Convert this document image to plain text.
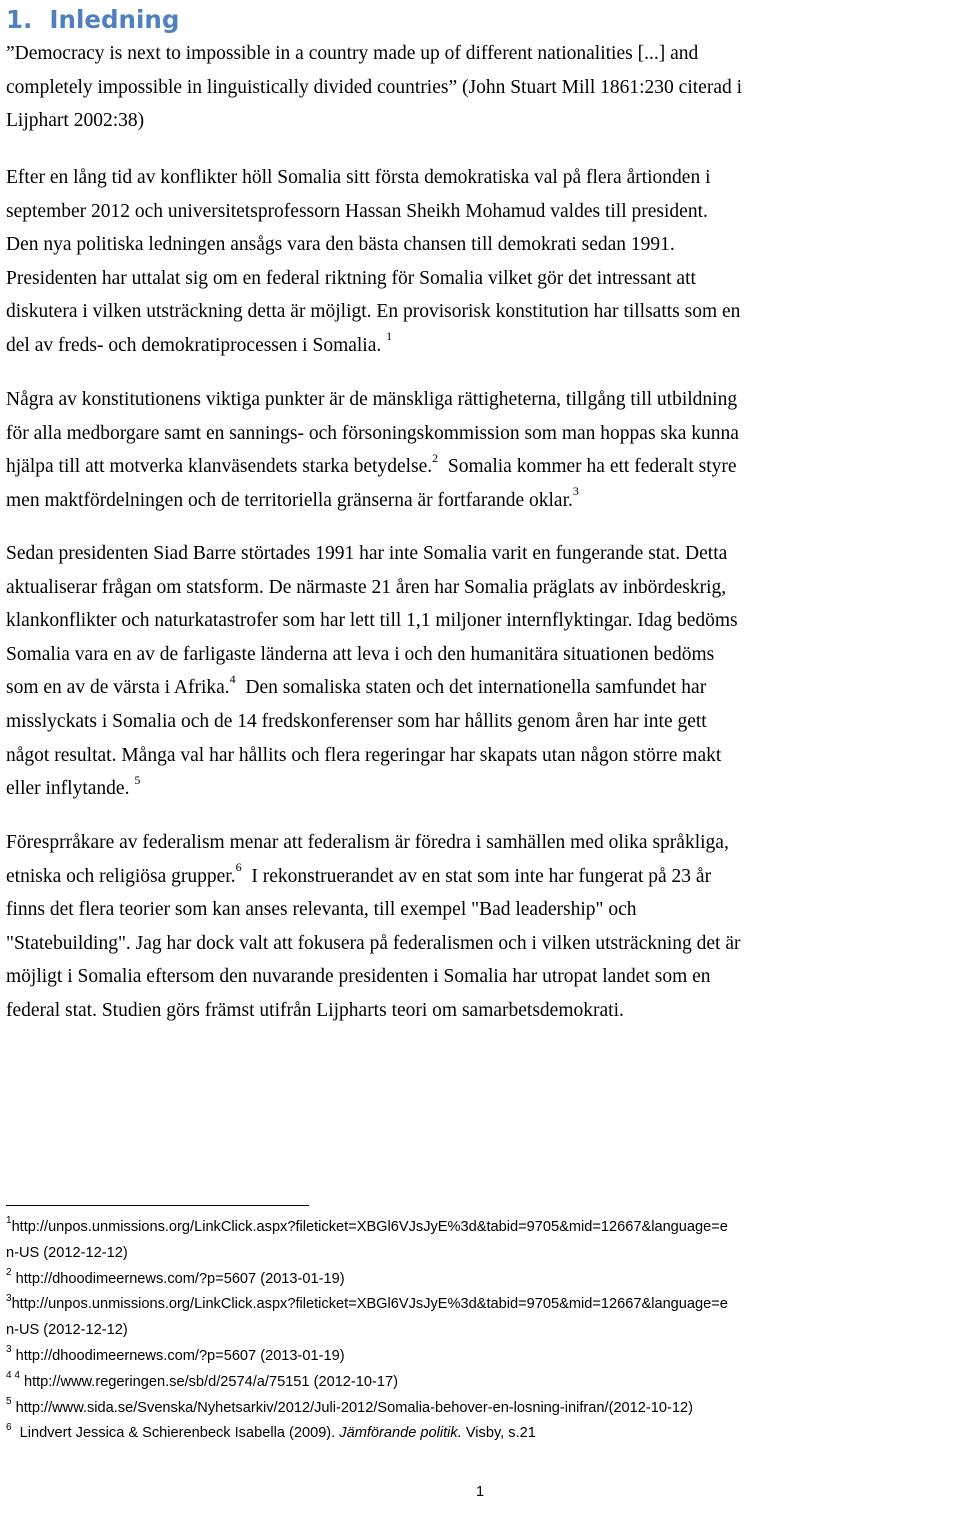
1. Inledning
”Democracy is next to impossible in a country made up of different nationalities [...] and
completely impossible in linguistically divided countries” (John Stuart Mill 1861:230 citerad i
Lijphart 2002:38)
Efter en lång tid av konflikter höll Somalia sitt första demokratiska val på flera årtionden i
september 2012 och universitetsprofessorn Hassan Sheikh Mohamud valdes till president.
Den nya politiska ledningen ansågs vara den bästa chansen till demokrati sedan 1991.
Presidenten har uttalat sig om en federal riktning för Somalia vilket gör det intressant att
diskutera i vilken utsträckning detta är möjligt. En provisorisk konstitution har tillsatts som en
del av freds- och demokratiprocessen i Somalia. $^1$
Några av konstitutionens viktiga punkter är de mänskliga rättigheterna, tillgång till utbildning
för alla medborgare samt en sannings- och försoningskommission som man hoppas ska kunna
hjälpa till att motverka klanväsendets starka betydelse.$^2$  Somalia kommer ha ett federalt styre
men maktfördelningen och de territoriella gränserna är fortfarande oklar.$^3$
Sedan presidenten Siad Barre störtades 1991 har inte Somalia varit en fungerande stat. Detta
aktualiserar frågan om statsform. De närmaste 21 åren har Somalia präglats av inbördeskrig,
klankonflikter och naturkatastrofer som har lett till 1,1 miljoner internflyktingar. Idag bedöms
Somalia vara en av de farligaste länderna att leva i och den humanitära situationen bedöms
som en av de värsta i Afrika.$^4$  Den somaliska staten och det internationella samfundet har
misslyckats i Somalia och de 14 fredskonferenser som har hållits genom åren har inte gett
något resultat. Många val har hållits och flera regeringar har skapats utan någon större makt
eller inflytande. $^5$
Föresprråkare av federalism menar att federalism är föredra i samhällen med olika språkliga,
etniska och religiösa grupper.$^6$  I rekonstruerandet av en stat som inte har fungerat på 23 år
finns det flera teorier som kan anses relevanta, till exempel "Bad leadership" och
"Statebuilding". Jag har dock valt att fokusera på federalismen och i vilken utsträckning det är
möjligt i Somalia eftersom den nuvarande presidenten i Somalia har utropat landet som en
federal stat. Studien görs främst utifrån Lijpharts teori om samarbetsdemokrati.
$^1$http://unpos.unmissions.org/LinkClick.aspx?fileticket=XBGl6VJsJyE%3d&tabid=9705&mid=12667&language=e
n-US (2012-12-12)
$^2$ http://dhoodimeernews.com/?p=5607 (2013-01-19)
$^3$http://unpos.unmissions.org/LinkClick.aspx?fileticket=XBGl6VJsJyE%3d&tabid=9705&mid=12667&language=e
n-US (2012-12-12)
$^3$ http://dhoodimeernews.com/?p=5607 (2013-01-19)
$^{4 4}$ http://www.regeringen.se/sb/d/2574/a/75151 (2012-10-17)
$^5$ http://www.sida.se/Svenska/Nyhetsarkiv/2012/Juli-2012/Somalia-behover-en-losning-inifran/(2012-10-12)
$^6$  Lindvert Jessica & Schierenbeck Isabella (2009). Jämförande politik. Visby, s.21
1
